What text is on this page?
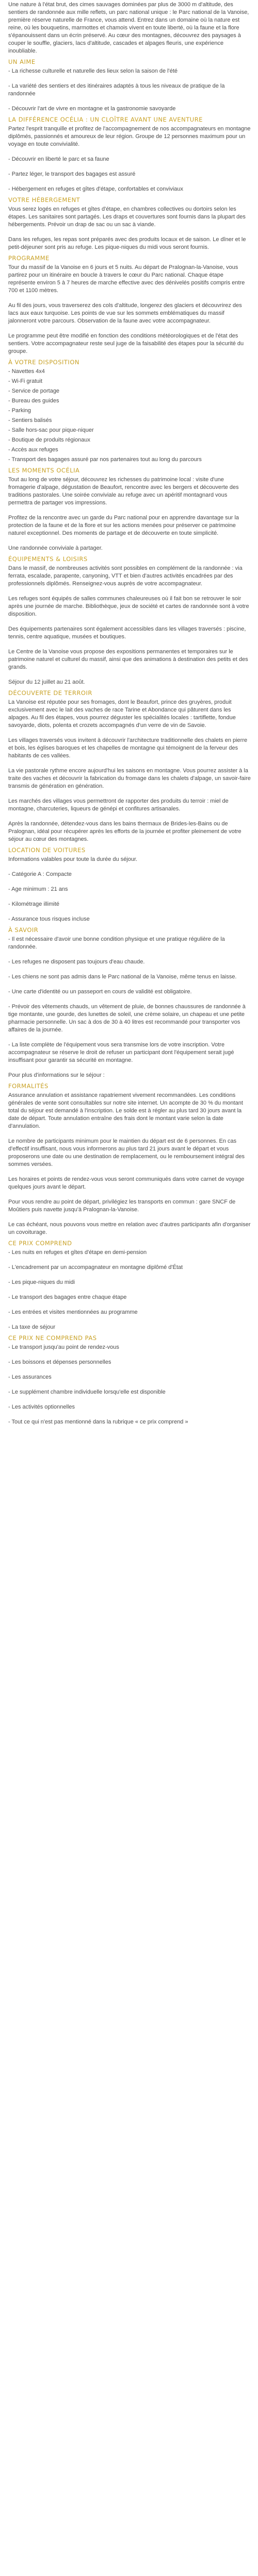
Une nature à l'état brut, des cimes sauvages dominées par plus de 3000 m d'altitude, des sentiers de randonnée aux mille reflets, un parc national unique : le Parc national de la Vanoise, première réserve naturelle de France, vous attend. Entrez dans un domaine où la nature est reine, où les bouquetins, marmottes et chamois vivent en toute liberté, où la faune et la flore s'épanouissent dans un écrin préservé. Au cœur des montagnes, découvrez des paysages à couper le souffle, glaciers, lacs d'altitude, cascades et alpages fleuris, une expérience inoubliable.

UN AIME

- La richesse culturelle et naturelle des lieux selon la saison de l'été

- La variété des sentiers et des itinéraires adaptés à tous les niveaux de pratique de la randonnée

- Découvrir l'art de vivre en montagne et la gastronomie savoyarde

LA DIFFÉRENCE OCÉLIA : UN CLOÎTRE AVANT UNE AVENTURE

Partez l'esprit tranquille et profitez de l'accompagnement de nos accompagnateurs en montagne diplômés, passionnés et amoureux de leur région. Groupe de 12 personnes maximum pour un voyage en toute convivialité.

- Découvrir en liberté le parc et sa faune

- Partez léger, le transport des bagages est assuré

- Hébergement en refuges et gîtes d'étape, confortables et conviviaux

VOTRE HÉBERGEMENT

Vous serez logés en refuges et gîtes d'étape, en chambres collectives ou dortoirs selon les étapes. Les sanitaires sont partagés. Les draps et couvertures sont fournis dans la plupart des hébergements. Prévoir un drap de sac ou un sac à viande.

Dans les refuges, les repas sont préparés avec des produits locaux et de saison. Le dîner et le petit-déjeuner sont pris au refuge. Les pique-niques du midi vous seront fournis.

PROGRAMME

Tour du massif de la Vanoise en 6 jours et 5 nuits. Au départ de Pralognan-la-Vanoise, vous partirez pour un itinéraire en boucle à travers le cœur du Parc national. Chaque étape représente environ 5 à 7 heures de marche effective avec des dénivelés positifs compris entre 700 et 1100 mètres.

Au fil des jours, vous traverserez des cols d'altitude, longerez des glaciers et découvrirez des lacs aux eaux turquoise. Les points de vue sur les sommets emblématiques du massif jalonneront votre parcours. Observation de la faune avec votre accompagnateur.

Le programme peut être modifié en fonction des conditions météorologiques et de l'état des sentiers. Votre accompagnateur reste seul juge de la faisabilité des étapes pour la sécurité du groupe.

À VOTRE DISPOSITION
- Navettes 4x4
- Wi-Fi gratuit
- Service de portage
- Bureau des guides
- Parking
- Sentiers balisés
- Salle hors-sac pour pique-niquer
- Boutique de produits régionaux
- Accès aux refuges
- Transport des bagages assuré par nos partenaires tout au long du parcours
LES MOMENTS OCÉLIA

Tout au long de votre séjour, découvrez les richesses du patrimoine local : visite d'une fromagerie d'alpage, dégustation de Beaufort, rencontre avec les bergers et découverte des traditions pastorales. Une soirée conviviale au refuge avec un apéritif montagnard vous permettra de partager vos impressions.

Profitez de la rencontre avec un garde du Parc national pour en apprendre davantage sur la protection de la faune et de la flore et sur les actions menées pour préserver ce patrimoine naturel exceptionnel. Des moments de partage et de découverte en toute simplicité.

Une randonnée conviviale à partager.

ÉQUIPEMENTS & LOISIRS

Dans le massif, de nombreuses activités sont possibles en complément de la randonnée : via ferrata, escalade, parapente, canyoning, VTT et bien d'autres activités encadrées par des professionnels diplômés. Renseignez-vous auprès de votre accompagnateur.

Les refuges sont équipés de salles communes chaleureuses où il fait bon se retrouver le soir après une journée de marche. Bibliothèque, jeux de société et cartes de randonnée sont à votre disposition.

Des équipements partenaires sont également accessibles dans les villages traversés : piscine, tennis, centre aquatique, musées et boutiques.

Le Centre de la Vanoise vous propose des expositions permanentes et temporaires sur le patrimoine naturel et culturel du massif, ainsi que des animations à destination des petits et des grands.

Séjour du 12 juillet au 21 août.

DÉCOUVERTE DE TERROIR

La Vanoise est réputée pour ses fromages, dont le Beaufort, prince des gruyères, produit exclusivement avec le lait des vaches de race Tarine et Abondance qui pâturent dans les alpages. Au fil des étapes, vous pourrez déguster les spécialités locales : tartiflette, fondue savoyarde, diots, polenta et crozets accompagnés d'un verre de vin de Savoie.

Les villages traversés vous invitent à découvrir l'architecture traditionnelle des chalets en pierre et bois, les églises baroques et les chapelles de montagne qui témoignent de la ferveur des habitants de ces vallées.

La vie pastorale rythme encore aujourd'hui les saisons en montagne. Vous pourrez assister à la traite des vaches et découvrir la fabrication du fromage dans les chalets d'alpage, un savoir-faire transmis de génération en génération.

Les marchés des villages vous permettront de rapporter des produits du terroir : miel de montagne, charcuteries, liqueurs de génépi et confitures artisanales.

Après la randonnée, détendez-vous dans les bains thermaux de Brides-les-Bains ou de Pralognan, idéal pour récupérer après les efforts de la journée et profiter pleinement de votre séjour au cœur des montagnes.

LOCATION DE VOITURES

Informations valables pour toute la durée du séjour.

- Catégorie A : Compacte

- Age minimum : 21 ans

- Kilométrage illimité

- Assurance tous risques incluse

À SAVOIR

- Il est nécessaire d'avoir une bonne condition physique et une pratique régulière de la randonnée.

- Les refuges ne disposent pas toujours d'eau chaude.

- Les chiens ne sont pas admis dans le Parc national de la Vanoise, même tenus en laisse.

- Une carte d'identité ou un passeport en cours de validité est obligatoire.

- Prévoir des vêtements chauds, un vêtement de pluie, de bonnes chaussures de randonnée à tige montante, une gourde, des lunettes de soleil, une crème solaire, un chapeau et une petite pharmacie personnelle. Un sac à dos de 30 à 40 litres est recommandé pour transporter vos affaires de la journée.

- La liste complète de l'équipement vous sera transmise lors de votre inscription. Votre accompagnateur se réserve le droit de refuser un participant dont l'équipement serait jugé insuffisant pour garantir sa sécurité en montagne.

Pour plus d'informations sur le séjour :

FORMALITÉS

Assurance annulation et assistance rapatriement vivement recommandées. Les conditions générales de vente sont consultables sur notre site internet. Un acompte de 30 % du montant total du séjour est demandé à l'inscription. Le solde est à régler au plus tard 30 jours avant la date de départ. Toute annulation entraîne des frais dont le montant varie selon la date d'annulation.

Le nombre de participants minimum pour le maintien du départ est de 6 personnes. En cas d'effectif insuffisant, nous vous informerons au plus tard 21 jours avant le départ et vous proposerons une date ou une destination de remplacement, ou le remboursement intégral des sommes versées.

Les horaires et points de rendez-vous vous seront communiqués dans votre carnet de voyage quelques jours avant le départ.

Pour vous rendre au point de départ, privilégiez les transports en commun : gare SNCF de Moûtiers puis navette jusqu'à Pralognan-la-Vanoise.

Le cas échéant, nous pouvons vous mettre en relation avec d'autres participants afin d'organiser un covoiturage.

CE PRIX COMPREND

- Les nuits en refuges et gîtes d'étape en demi-pension

- L'encadrement par un accompagnateur en montagne diplômé d'État

- Les pique-niques du midi

- Le transport des bagages entre chaque étape

- Les entrées et visites mentionnées au programme

- La taxe de séjour

CE PRIX NE COMPREND PAS

- Le transport jusqu'au point de rendez-vous

- Les boissons et dépenses personnelles

- Les assurances

- Le supplément chambre individuelle lorsqu'elle est disponible

- Les activités optionnelles

- Tout ce qui n'est pas mentionné dans la rubrique « ce prix comprend »
